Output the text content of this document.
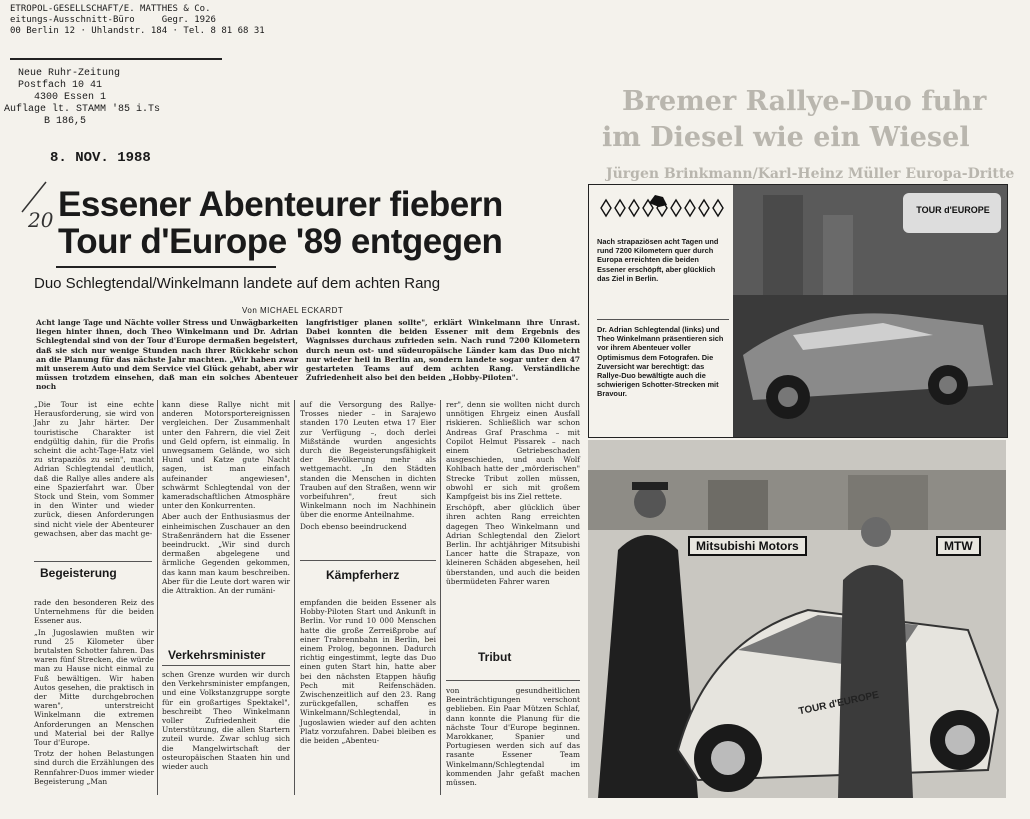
ETROPOL-GESELLSCHAFT/E. MATTHES & Co.
eitungs-Ausschnitt-Büro	Gegr. 1926
00 Berlin 12 · Uhlandstr. 184 · Tel. 8 81 68 31
Neue Ruhr-Zeitung
Postfach 10 41
4300 Essen 1
Auflage lt. STAMM '85 i.Ts
B 186,5
8. NOV. 1988
Bremer Rallye-Duo fuhr
im Diesel wie ein Wiesel
Jürgen Brinkmann/Karl-Heinz Müller Europa-Dritte
20 Essener Abenteurer fiebern
Tour d'Europe '89 entgegen
Duo Schlegtendal/Winkelmann landete auf dem achten Rang
Von MICHAEL ECKARDT

Acht lange Tage und Nächte voller Stress und Unwägbarkeiten liegen hinter ihnen, doch Theo Winkelmann und Dr. Adrian Schlegtendal sind von der Tour d'Europe dermaßen begeistert, daß sie sich nur wenige Stunden nach ihrer Rückkehr schon an die Planung für das nächste Jahr machten. „Wir haben zwar mit unserem Auto und dem Service viel Glück gehabt, aber wir müssen trotzdem einsehen, daß man ein solches Abenteuer noch

langfristiger planen sollte", erklärt Winkelmann ihre Unrast. Dabei konnten die beiden Essener mit dem Ergebnis des Wagnisses durchaus zufrieden sein. Nach rund 7200 Kilometern durch neun ost- und südeuropäische Länder kam das Duo nicht nur wieder heil in Berlin an, sondern landete sogar unter den 47 gestarteten Teams auf dem achten Rang. Verständliche Zufriedenheit also bei den beiden „Hobby-Piloten".

„Die Tour ist eine echte Herausforderung, sie wird von Jahr zu Jahr härter. Der touristische Charakter ist endgültig dahin, für die Profis scheint die acht-Tage-Hatz viel zu strapaziös zu sein", macht Adrian Schlegtendal deutlich, daß die Rallye alles andere als eine Spazierfahrt war. Über Stock und Stein, vom Sommer in den Winter und wieder zurück, diesen Anforderungen sind nicht viele der Abenteurer gewachsen, aber das macht ge-

Begeisterung

rade den besonderen Reiz des Unternehmens für die beiden Essener aus.

„In Jugoslawien mußten wir rund 25 Kilometer über brutalsten Schotter fahren. Das waren fünf Strecken, die würde man zu Hause nicht einmal zu Fuß bewältigen. Wir haben Autos gesehen, die praktisch in der Mitte durchgebrochen waren", unterstreicht Winkelmann die extremen Anforderungen an Menschen und Material bei der Rallye Tour d'Europe.

Trotz der hohen Belastungen sind durch die Erzählungen des Rennfahrer-Duos immer wieder Begeisterung „Man

kann diese Rallye nicht mit anderen Motorsportereignissen vergleichen. Der Zusammenhalt unter den Fahrern, die viel Zeit und Geld opfern, ist einmalig. In unwegsamem Gelände, wo sich Hund und Katze gute Nacht sagen, ist man einfach aufeinander angewiesen", schwärmt Schlegtendal von der kameradschaftlichen Atmosphäre unter den Konkurrenten.

Aber auch der Enthusiasmus der einheimischen Zuschauer an den Straßenrändern hat die Essener beeindruckt. „Wir sind durch dermaßen abgelegene und ärmliche Gegenden gekommen, das kann man kaum beschreiben. Aber für die Leute dort waren wir die Attraktion. An der rumäni-

Verkehrsminister

schen Grenze wurden wir durch den Verkehrsminister empfangen, und eine Volkstanzgruppe sorgte für ein großartiges Spektakel", beschreibt Theo Winkelmann voller Zufriedenheit die Unterstützung, die allen Startern zuteil wurde. Zwar schlug sich die Mangelwirtschaft der osteuropäischen Staaten hin und wieder auch

auf die Versorgung des Rallye-Trosses nieder – in Sarajewo standen 170 Leuten etwa 17 Eier zur Verfügung –, doch derlei Mißstände wurden angesichts durch die Begeisterungsfähigkeit der Bevölkerung mehr als wettgemacht. „In den Städten standen die Menschen in dichten Trauben auf den Straßen, wenn wir vorbeifuhren", freut sich Winkelmann noch im Nachhinein über die enorme Anteilnahme.

Doch ebenso beeindruckend

Kämpferherz

empfanden die beiden Essener als Hobby-Piloten Start und Ankunft in Berlin. Vor rund 10 000 Menschen hatte die große Zerreißprobe auf einer Trabrennbahn in Berlin, bei einem Prolog, begonnen. Dadurch richtig eingestimmt, legte das Duo einen guten Start hin, hatte aber bei den nächsten Etappen häufig Pech mit Reifenschäden. Zwischenzeitlich auf den 23. Rang zurückgefallen, schaffen es Winkelmann/Schlegtendal, in Jugoslawien wieder auf den achten Platz vorzufahren. Dabei bleiben es die beiden „Abenteu-

rer", denn sie wollten nicht durch unnötigen Ehrgeiz einen Ausfall riskieren. Schließlich war schon Andreas Graf Praschma – mit Copilot Helmut Pissarek – nach einem Getriebeschaden ausgeschieden, und auch Wolf Kohlbach hatte der „mörderischen" Strecke Tribut zollen müssen, obwohl er sich mit großem Kampfgeist bis ins Ziel rettete.

Erschöpft, aber glücklich über ihren achten Rang erreichten dagegen Theo Winkelmann und Adrian Schlegtendal den Zielort Berlin. Ihr achtjähriger Mitsubishi Lancer hatte die Strapaze, von kleineren Schäden abgesehen, heil überstanden, und auch die beiden übermüdeten Fahrer waren

Tribut

von gesundheitlichen Beeinträchtigungen verschont geblieben. Ein Paar Mützen Schlaf, dann konnte die Planung für die nächste Tour d'Europe beginnen. Marokkaner, Spanier und Portugiesen werden sich auf das rasante Essener Team Winkelmann/Schlegtendal im kommenden Jahr gefaßt machen müssen.

Nach strapaziösen acht Tagen und rund 7200 Kilometern quer durch Europa erreichten die beiden Essener erschöpft, aber glücklich das Ziel in Berlin.
Dr. Adrian Schlegtendal (links) und Theo Winkelmann präsentieren sich vor ihrem Abenteuer voller Optimismus dem Fotografen. Die Zuversicht war berechtigt: das Rallye-Duo bewältigte auch die schwierigen Schotter-Strecken mit Bravour.
TOUR d'EUROPE
Mitsubishi Motors	MTW
TOUR d'EUROPE
